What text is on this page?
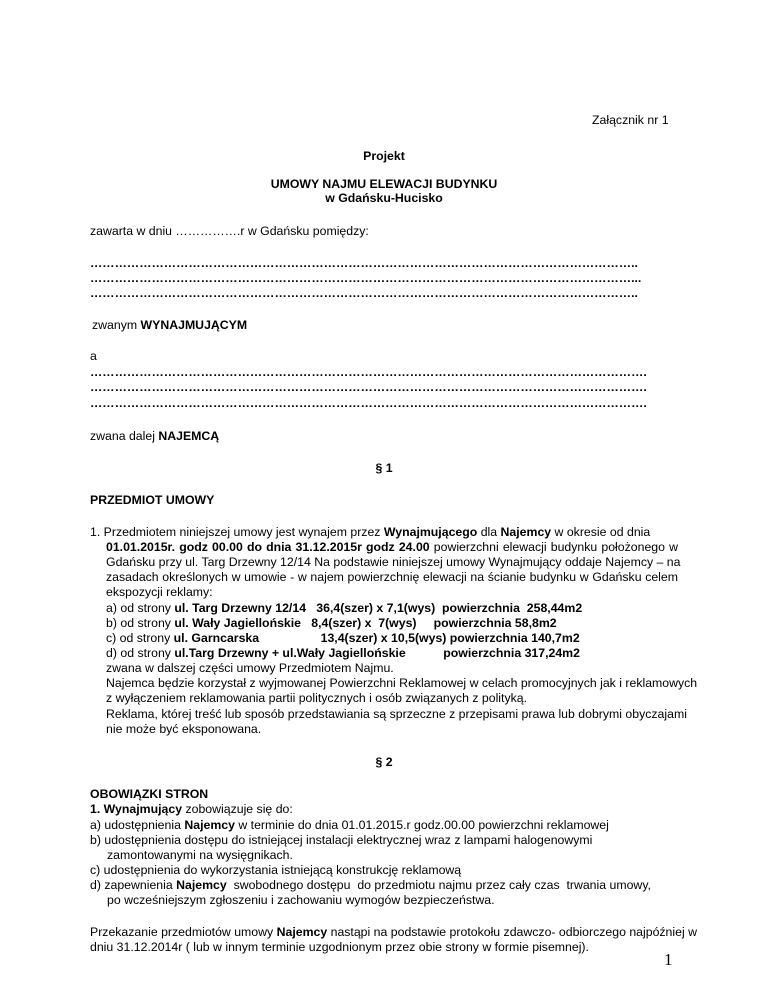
Załącznik nr 1
Projekt
UMOWY NAJMU ELEWACJI BUDYNKU
w Gdańsku-Hucisko
zawarta w dniu …………….r w Gdańsku pomiędzy:
……………………………………………………………………………………………………………………..
……………………………………………………………………………………………………………………...
……………………………………………………………………………………………………………………..
zwanym WYNAJMUJĄCYM
a
……………………………………………………………………………………………………………………….
……………………………………………………………………………………………………………………….
……………………………………………………………………………………………………………………….
zwana dalej NAJEMCĄ
§ 1
PRZEDMIOT UMOWY
1. Przedmiotem niniejszej umowy jest wynajem przez Wynajmującego dla Najemcy w okresie od dnia
01.01.2015r. godz 00.00 do dnia 31.12.2015r godz 24.00 powierzchni elewacji budynku położonego w
Gdańsku przy ul. Targ Drzewny 12/14 Na podstawie niniejszej umowy Wynajmujący oddaje Najemcy – na
zasadach określonych w umowie - w najem powierzchnię elewacji na ścianie budynku w Gdańsku celem
ekspozycji reklamy:
a) od strony ul. Targ Drzewny 12/14   36,4(szer) x 7,1(wys)  powierzchnia  258,44m2
b) od strony ul. Wały Jagiellońskie   8,4(szer) x  7(wys)     powierzchnia 58,8m2
c) od strony ul. Garncarska                  13,4(szer) x 10,5(wys) powierzchnia 140,7m2
d) od strony ul.Targ Drzewny + ul.Wały Jagiellońskie           powierzchnia 317,24m2
zwana w dalszej części umowy Przedmiotem Najmu.
Najemca będzie korzystał z wyjmowanej Powierzchni Reklamowej w celach promocyjnych jak i reklamowych
z wyłączeniem reklamowania partii politycznych i osób związanych z polityką.
Reklama, której treść lub sposób przedstawiania są sprzeczne z przepisami prawa lub dobrymi obyczajami
nie może być eksponowana.
§ 2
OBOWIĄZKI STRON
1. Wynajmujący zobowiązuje się do:
a) udostępnienia Najemcy w terminie do dnia 01.01.2015.r godz.00.00 powierzchni reklamowej
b) udostępnienia dostępu do istniejącej instalacji elektrycznej wraz z lampami halogenowymi
zamontowanymi na wysięgnikach.
c) udostępnienia do wykorzystania istniejącą konstrukcję reklamową
d) zapewnienia Najemcy  swobodnego dostępu  do przedmiotu najmu przez cały czas  trwania umowy,
po wcześniejszym zgłoszeniu i zachowaniu wymogów bezpieczeństwa.
Przekazanie przedmiotów umowy Najemcy nastąpi na podstawie protokołu zdawczo- odbiorczego najpóźniej w
dniu 31.12.2014r ( lub w innym terminie uzgodnionym przez obie strony w formie pisemnej).
1
